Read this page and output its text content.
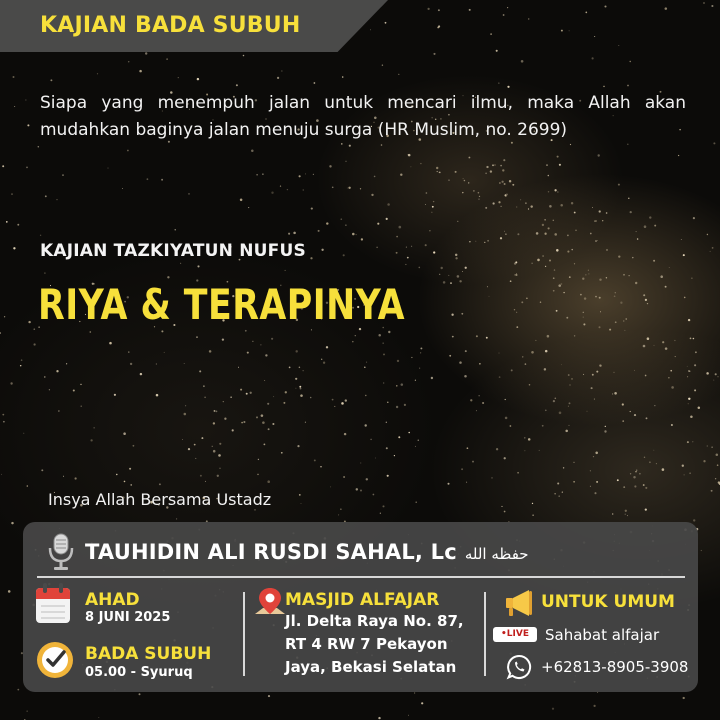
KAJIAN BADA SUBUH
Siapa yang menempuh jalan untuk mencari ilmu, maka Allah akan mudahkan baginya jalan menuju surga (HR Muslim, no. 2699)
KAJIAN TAZKIYATUN NUFUS
RIYA & TERAPINYA
Insya Allah Bersama Ustadz
TAUHIDIN ALI RUSDI SAHAL, Lc حفظه الله
AHAD
8 JUNI 2025
BADA SUBUH
05.00 - Syuruq
MASJID ALFAJAR
Jl. Delta Raya No. 87, RT 4 RW 7 Pekayon Jaya, Bekasi Selatan
UNTUK UMUM
•LIVE	Sahabat alfajar
+62813-8905-3908
